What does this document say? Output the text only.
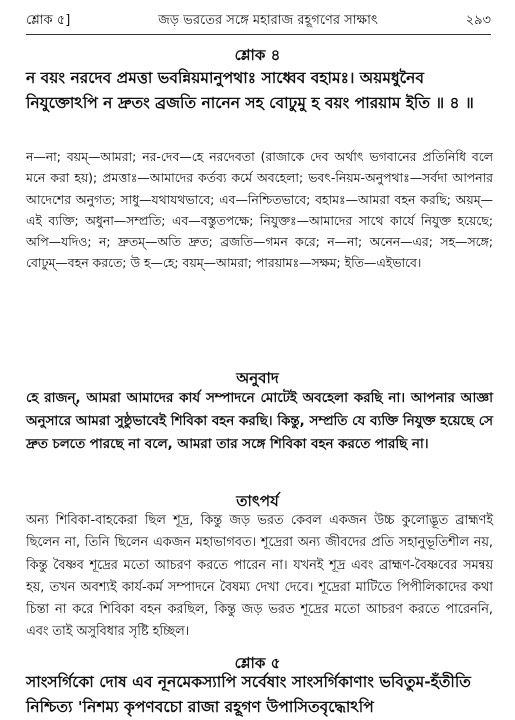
শ্লোক ৫]	জড় ভরতের সঙ্গে মহারাজ রহূগণের সাক্ষাৎ	২৯৩
শ্লোক ৪
ন বয়ং নরদেব প্রমত্তা ভবন্নিয়মানুপথাঃ সাধ্বেব বহামঃ। অয়মধুনৈব নিযুক্তোঽপি ন দ্রুতং ব্রজতি নানেন সহ বোঢুমু হ বয়ং পারয়াম ইতি ॥ ৪ ॥
ন—না; বয়ম্—আমরা; নর-দেব—হে নরদেবতা (রাজাকে দেব অর্থাৎ ভগবানের প্রতিনিধি বলে মনে করা হয়); প্রমত্তাঃ—আমাদের কর্তব্য কর্মে অবহেলা; ভবৎ-নিয়ম-অনুপথাঃ—সর্বদা আপনার আদেশের অনুগত; সাধু—যথাযথভাবে; এব—নিশ্চিতভাবে; বহামঃ—আমরা বহন করছি; অয়ম্—এই ব্যক্তি; অধুনা—সম্প্রতি; এব—বস্তুতপক্ষে; নিযুক্তঃ—আমাদের সাথে কার্যে নিযুক্ত হয়েছে; অপি—যদিও; ন; দ্রুতম্—অতি দ্রুত; ব্রজতি—গমন করে; ন—না; অনেন—এর; সহ—সঙ্গে; বোঢুম্—বহন করতে; উ হ—হে; বয়ম্—আমরা; পারয়ামঃ—সক্ষম; ইতি—এইভাবে।
অনুবাদ
হে রাজন্, আমরা আমাদের কার্য সম্পাদনে মোটেই অবহেলা করছি না। আপনার আজ্ঞা অনুসারে আমরা সুষ্ঠুভাবেই শিবিকা বহন করছি। কিন্তু, সম্প্রতি যে ব্যক্তি নিযুক্ত হয়েছে সে দ্রুত চলতে পারছে না বলে, আমরা তার সঙ্গে শিবিকা বহন করতে পারছি না।
তাৎপর্য
অন্য শিবিকা-বাহকেরা ছিল শূদ্র, কিন্তু জড় ভরত কেবল একজন উচ্চ কুলোদ্ভূত ব্রাহ্মণই ছিলেন না, তিনি ছিলেন একজন মহাভাগবত। শূদ্রেরা অন্য জীবদের প্রতি সহানুভূতিশীল নয়, কিন্তু বৈষ্ণব শূদ্রের মতো আচরণ করতে পারেন না। যখনই শূদ্র এবং ব্রাহ্মণ-বৈষ্ণবের সমন্বয় হয়, তখন অবশ্যই কার্য-কর্ম সম্পাদনে বৈষম্য দেখা দেবে। শূদ্রেরা মাটিতে পিপীলিকাদের কথা চিন্তা না করে শিবিকা বহন করছিল, কিন্তু জড় ভরত শূদ্রের মতো আচরণ করতে পারেননি, এবং তাই অসুবিধার সৃষ্টি হচ্ছিল।
শ্লোক ৫
সাংসর্গিকো দোষ এব নূনমেকস্যাপি সর্বেষাং সাংসর্গিকাণাং ভবিতুম-হঁতীতি নিশ্চিত্য 'নিশম্য কৃপণবচো রাজা রহূগণ উপাসিতবৃদ্ধোঽপি
